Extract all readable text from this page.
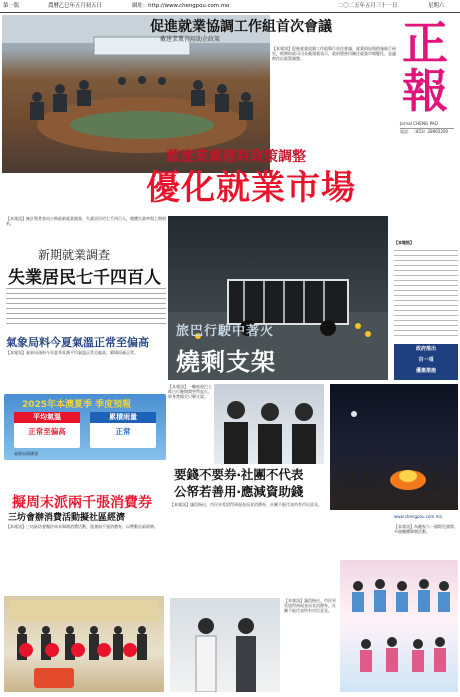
第一版	農曆乙巳年五月初五日	網址：http://www.chengpou.com.mo	二〇二五年五月三十一日	星期六
促進就業協調工作組首次會議
戴建業冀善用助企政策
【本報訊】促進就業協調工作組舉行首次會議，就業情況與措施進行研究，經濟財政司司長戴建業表示，政府將密切關注就業市場變化，並適時作出政策調整。
戴建業冀適時政策調整
優化就業市場
正
報
Jornal CHENG PAO
電話：（853）28965200
【本報訊】統計暨普查局公佈最新就業調查，失業居民約七千四百人，總體失業率與上期相若。
新期就業調查
失業居民七千四百人
氣象局料今夏氣溫正常至偏高
【本報訊】氣象局預料今年夏季本澳平均氣溫正常至偏高，累積雨量正常。
2025年本澳夏季 季度預報
平均氣溫
正常至偏高
累積雨量
正常
氣象局預測表
擬周末派兩千張消費券
三坊會辦消費活動擬社區經濟
【本報訊】三坊區坊會擬於周末舉辦消費活動，派發兩千張消費券，以帶動社區經濟。
旅巴行駛中著火
燒剩支架
【本報訊】一輛旅遊巴士昨日行駛期間突然起火，車身焚燒至只剩支架。
要錢不要券‧社團不代表
公帑若善用‧應減資助錢
【本報訊】議員指出，市民更希望得到現金而非消費券，社團不能代表所有市民意見。
【本報訊】議員指出，市民更希望得到現金而非消費券，社團不能代表所有市民意見。
【本報訊】
政府推出
百一項
優惠措施
www.chengpou.com.mo
【本報訊】為慶祝六一國際兒童節，多個團體舉辦活動。
